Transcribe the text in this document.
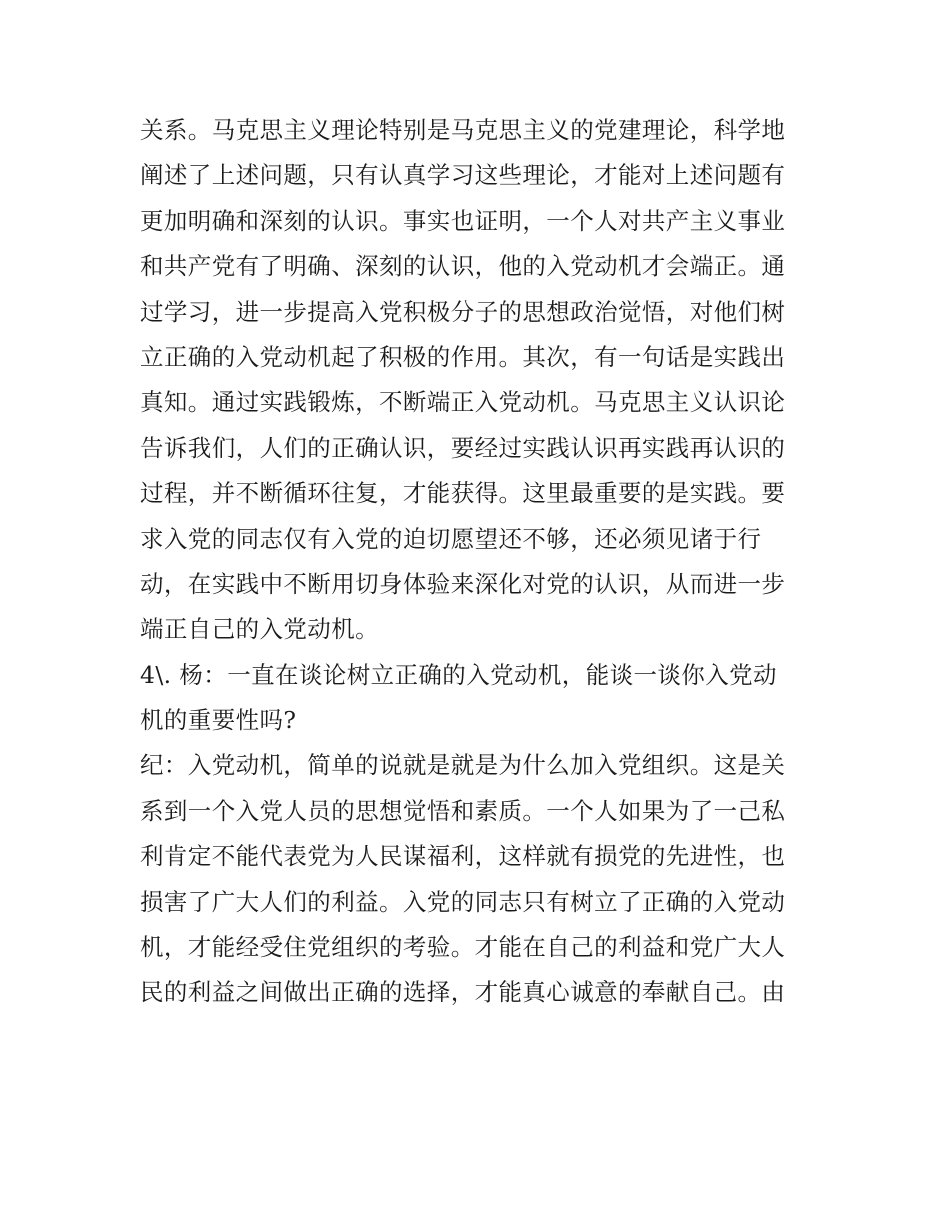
关系。马克思主义理论特别是马克思主义的党建理论，科学地
阐述了上述问题，只有认真学习这些理论，才能对上述问题有
更加明确和深刻的认识。事实也证明，一个人对共产主义事业
和共产党有了明确、深刻的认识，他的入党动机才会端正。通
过学习，进一步提高入党积极分子的思想政治觉悟，对他们树
立正确的入党动机起了积极的作用。其次，有一句话是实践出
真知。通过实践锻炼，不断端正入党动机。马克思主义认识论
告诉我们，人们的正确认识，要经过实践认识再实践再认识的
过程，并不断循环往复，才能获得。这里最重要的是实践。要
求入党的同志仅有入党的迫切愿望还不够，还必须见诸于行
动，在实践中不断用切身体验来深化对党的认识，从而进一步
端正自己的入党动机。
4\. 杨：一直在谈论树立正确的入党动机，能谈一谈你入党动
机的重要性吗?
纪：入党动机，简单的说就是就是为什么加入党组织。这是关
系到一个入党人员的思想觉悟和素质。一个人如果为了一己私
利肯定不能代表党为人民谋福利，这样就有损党的先进性，也
损害了广大人们的利益。入党的同志只有树立了正确的入党动
机，才能经受住党组织的考验。才能在自己的利益和党广大人
民的利益之间做出正确的选择，才能真心诚意的奉献自己。由
